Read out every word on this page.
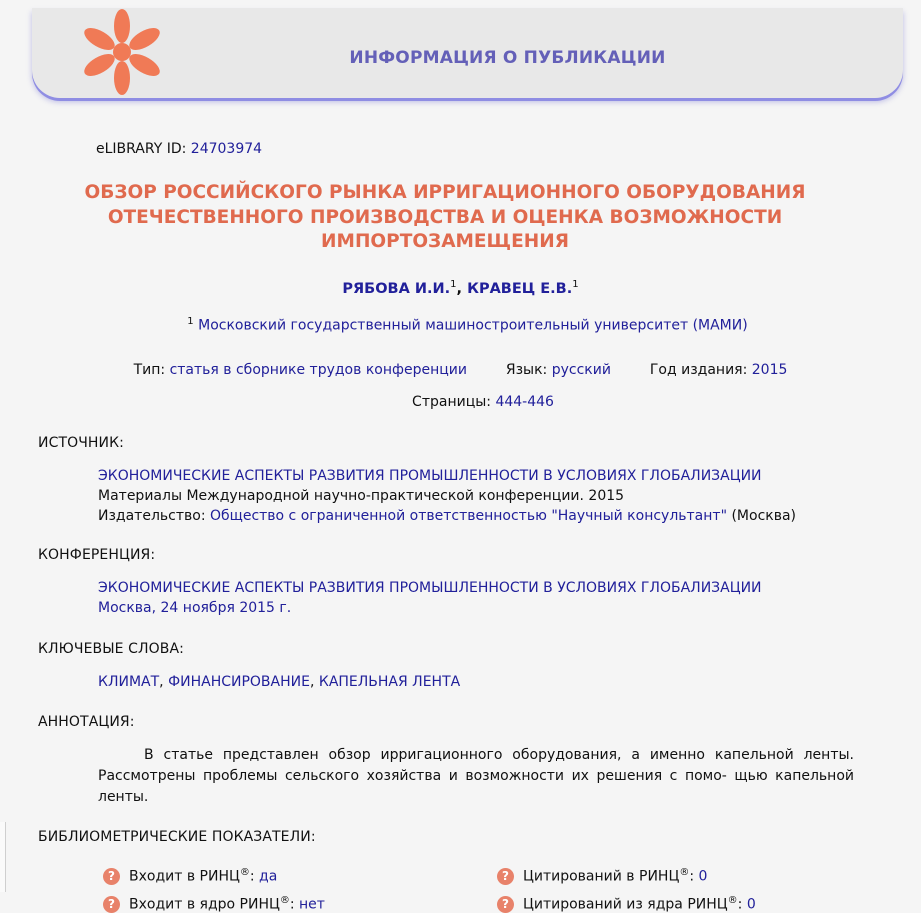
ИНФОРМАЦИЯ О ПУБЛИКАЦИИ
eLIBRARY ID: 24703974
ОБЗОР РОССИЙСКОГО РЫНКА ИРРИГАЦИОННОГО ОБОРУДОВАНИЯ ОТЕЧЕСТВЕННОГО ПРОИЗВОДСТВА И ОЦЕНКА ВОЗМОЖНОСТИ ИМПОРТОЗАМЕЩЕНИЯ
РЯБОВА И.И.$^1$, КРАВЕЦ Е.В.$^1$
$^1$ Московский государственный машиностроительный университет (МАМИ)
Тип: статья в сборнике трудов конференции	Язык: русский	Год издания: 2015
Страницы: 444-446
ИСТОЧНИК:
ЭКОНОМИЧЕСКИЕ АСПЕКТЫ РАЗВИТИЯ ПРОМЫШЛЕННОСТИ В УСЛОВИЯХ ГЛОБАЛИЗАЦИИ
Материалы Международной научно-практической конференции. 2015
Издательство: Общество с ограниченной ответственностью "Научный консультант" (Москва)
КОНФЕРЕНЦИЯ:
ЭКОНОМИЧЕСКИЕ АСПЕКТЫ РАЗВИТИЯ ПРОМЫШЛЕННОСТИ В УСЛОВИЯХ ГЛОБАЛИЗАЦИИ
Москва, 24 ноября 2015 г.
КЛЮЧЕВЫЕ СЛОВА:
КЛИМАТ, ФИНАНСИРОВАНИЕ, КАПЕЛЬНАЯ ЛЕНТА
АННОТАЦИЯ:
В статье представлен обзор ирригационного оборудования, а именно капельной ленты. Рассмотрены проблемы сельского хозяйства и возможности их решения с помо- щью капельной ленты.
БИБЛИОМЕТРИЧЕСКИЕ ПОКАЗАТЕЛИ:
? Входит в РИНЦ®: да	? Цитирований в РИНЦ®: 0
? Входит в ядро РИНЦ®: нет	? Цитирований из ядра РИНЦ®: 0
